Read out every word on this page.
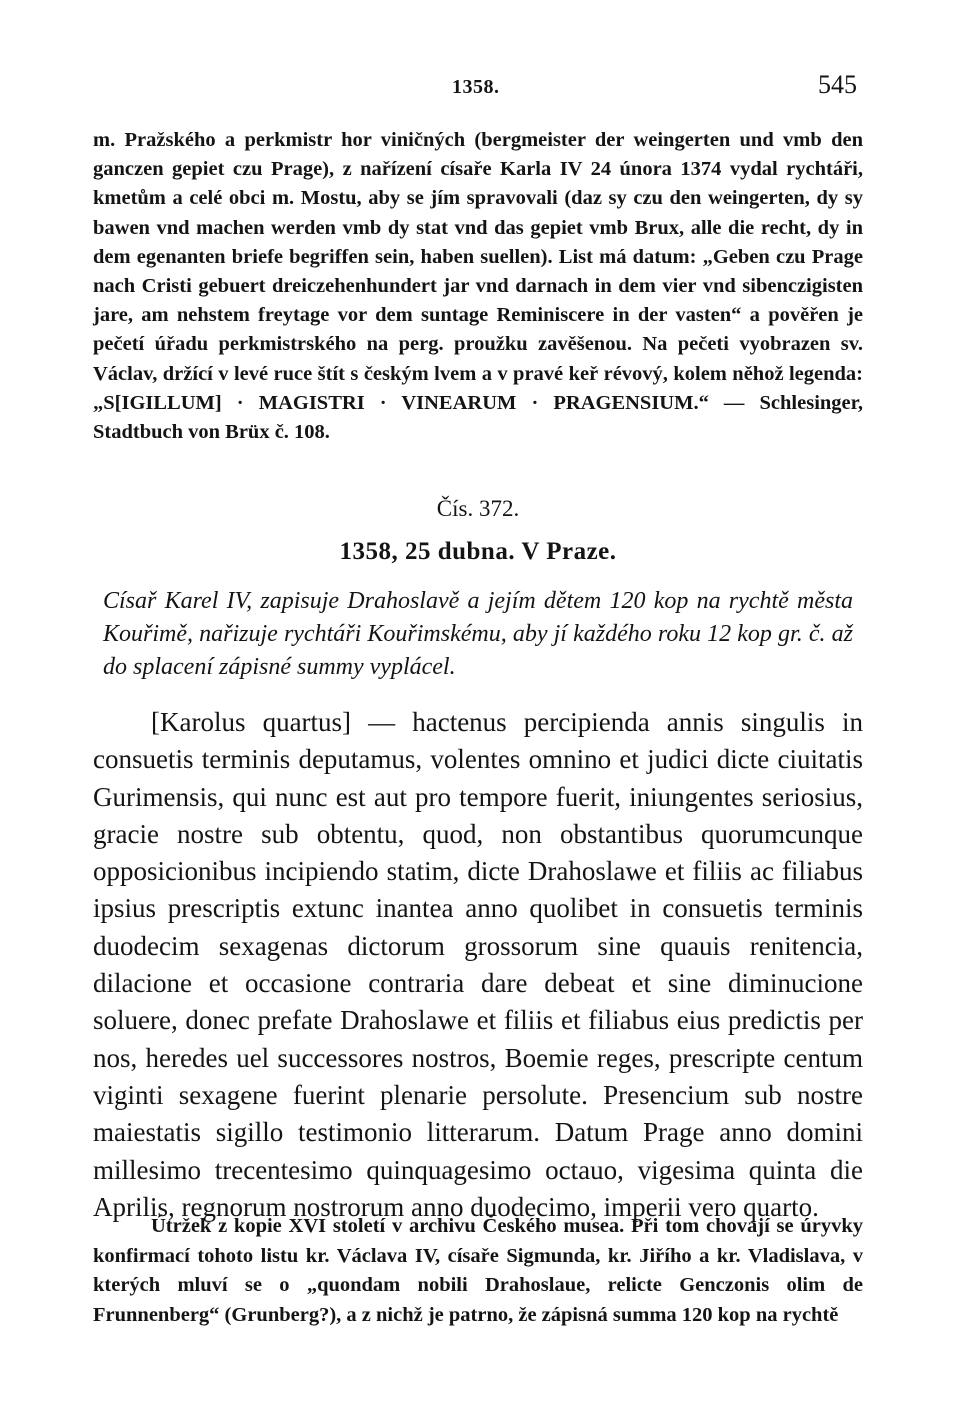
1358.	545

m. Pražského a perkmistr hor viničných (bergmeister der weingerten und vmb den ganczen gepiet czu Prage), z nařízení císaře Karla IV 24 února 1374 vydal rychtáři, kmetům a celé obci m. Mostu, aby se jím spravovali (daz sy czu den weingerten, dy sy bawen vnd machen werden vmb dy stat vnd das gepiet vmb Brux, alle die recht, dy in dem egenanten briefe begriffen sein, haben suellen). List má datum: „Geben czu Prage nach Cristi gebuert dreiczehenhundert jar vnd darnach in dem vier vnd sibenczigisten jare, am nehstem freytage vor dem suntage Reminiscere in der vasten“ a pověřen je pečetí úřadu perkmistrského na perg. proužku zavěšenou. Na pečeti vyobrazen sv. Václav, držící v levé ruce štít s českým lvem a v pravé keř révový, kolem něhož legenda: „S[IGILLUM] · MAGISTRI · VINEARUM · PRAGENSIUM.“ — Schlesinger, Stadtbuch von Brüx č. 108.

Čís. 372.
1358, 25 dubna. V Praze.

Císař Karel IV, zapisuje Drahoslavě a jejím dětem 120 kop na rychtě města Kouřimě, nařizuje rychtáři Kouřimskému, aby jí každého roku 12 kop gr. č. až do splacení zápisné summy vyplácel.

[Karolus quartus] — hactenus percipienda annis singulis in consuetis terminis deputamus, volentes omnino et judici dicte ciuitatis Gurimensis, qui nunc est aut pro tempore fuerit, iniungentes seriosius, gracie nostre sub obtentu, quod, non obstantibus quorumcunque opposicionibus incipiendo statim, dicte Drahoslawe et filiis ac filiabus ipsius prescriptis extunc inantea anno quolibet in consuetis terminis duodecim sexagenas dictorum grossorum sine quauis renitencia, dilacione et occasione contraria dare debeat et sine diminucione soluere, donec prefate Drahoslawe et filiis et filiabus eius predictis per nos, heredes uel successores nostros, Boemie reges, prescripte centum viginti sexagene fuerint plenarie persolute. Presencium sub nostre maiestatis sigillo testimonio litterarum. Datum Prage anno domini millesimo trecentesimo quinquagesimo octauo, vigesima quinta die Aprilis, regnorum nostrorum anno duodecimo, imperii vero quarto.

Útržek z kopie XVI století v archivu Českého musea. Při tom chovají se úryvky konfirmací tohoto listu kr. Václava IV, císaře Sigmunda, kr. Jiřího a kr. Vladislava, v kterých mluví se o „quondam nobili Drahoslaue, relicte Genczonis olim de Frunnenberg“ (Grunberg?), a z nichž je patrno, že zápisná summa 120 kop na rychtě
